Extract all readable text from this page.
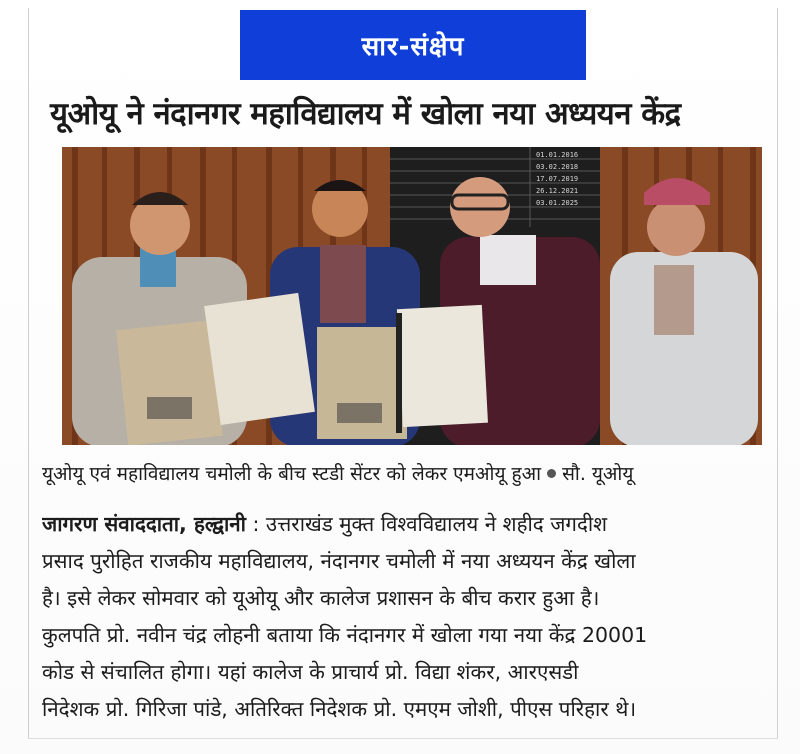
सार-संक्षेप
यूओयू ने नंदानगर महाविद्यालय में खोला नया अध्ययन केंद्र
01.01.2016
03.02.2018
17.07.2019
26.12.2021
03.01.2025
यूओयू एवं महाविद्यालय चमोली के बीच स्टडी सेंटर को लेकर एमओयू हुआ सौ. यूओयू
जागरण संवाददाता, हल्द्वानी : उत्तराखंड मुक्त विश्वविद्यालय ने शहीद जगदीश
प्रसाद पुरोहित राजकीय महाविद्यालय, नंदानगर चमोली में नया अध्ययन केंद्र खोला
है। इसे लेकर सोमवार को यूओयू और कालेज प्रशासन के बीच करार हुआ है।
कुलपति प्रो. नवीन चंद्र लोहनी बताया कि नंदानगर में खोला गया नया केंद्र 20001
कोड से संचालित होगा। यहां कालेज के प्राचार्य प्रो. विद्या शंकर, आरएसडी
निदेशक प्रो. गिरिजा पांडे, अतिरिक्त निदेशक प्रो. एमएम जोशी, पीएस परिहार थे।
